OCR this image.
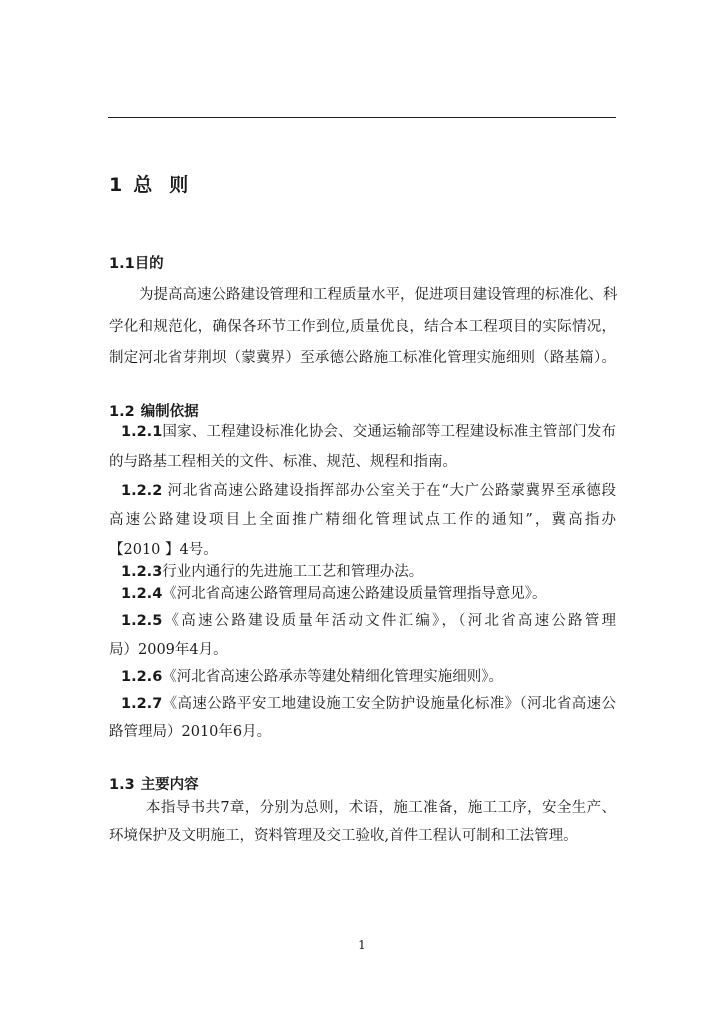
1 总 则
1.1目的
为提高高速公路建设管理和工程质量水平，促进项目建设管理的标准化、科
学化和规范化，确保各环节工作到位,质量优良，结合本工程项目的实际情况，
制定河北省芽荆坝（蒙冀界）至承德公路施工标准化管理实施细则（路基篇）。
1.2 编制依据
1.2.1国家、工程建设标准化协会、交通运输部等工程建设标准主管部门发布
的与路基工程相关的文件、标准、规范、规程和指南。
1.2.2 河北省高速公路建设指挥部办公室关于在“大广公路蒙冀界至承德段
高速公路建设项目上全面推广精细化管理试点工作的通知”，冀高指办
【2010 】4号。
1.2.3行业内通行的先进施工工艺和管理办法。
1.2.4《河北省高速公路管理局高速公路建设质量管理指导意见》。
1.2.5《高速公路建设质量年活动文件汇编》，（河北省高速公路管理
局）2009年4月。
1.2.6《河北省高速公路承赤等建处精细化管理实施细则》。
1.2.7《高速公路平安工地建设施工安全防护设施量化标准》（河北省高速公
路管理局）2010年6月。
1.3 主要内容
本指导书共7章，分别为总则，术语，施工准备，施工工序，安全生产、
环境保护及文明施工，资料管理及交工验收,首件工程认可制和工法管理。
1
